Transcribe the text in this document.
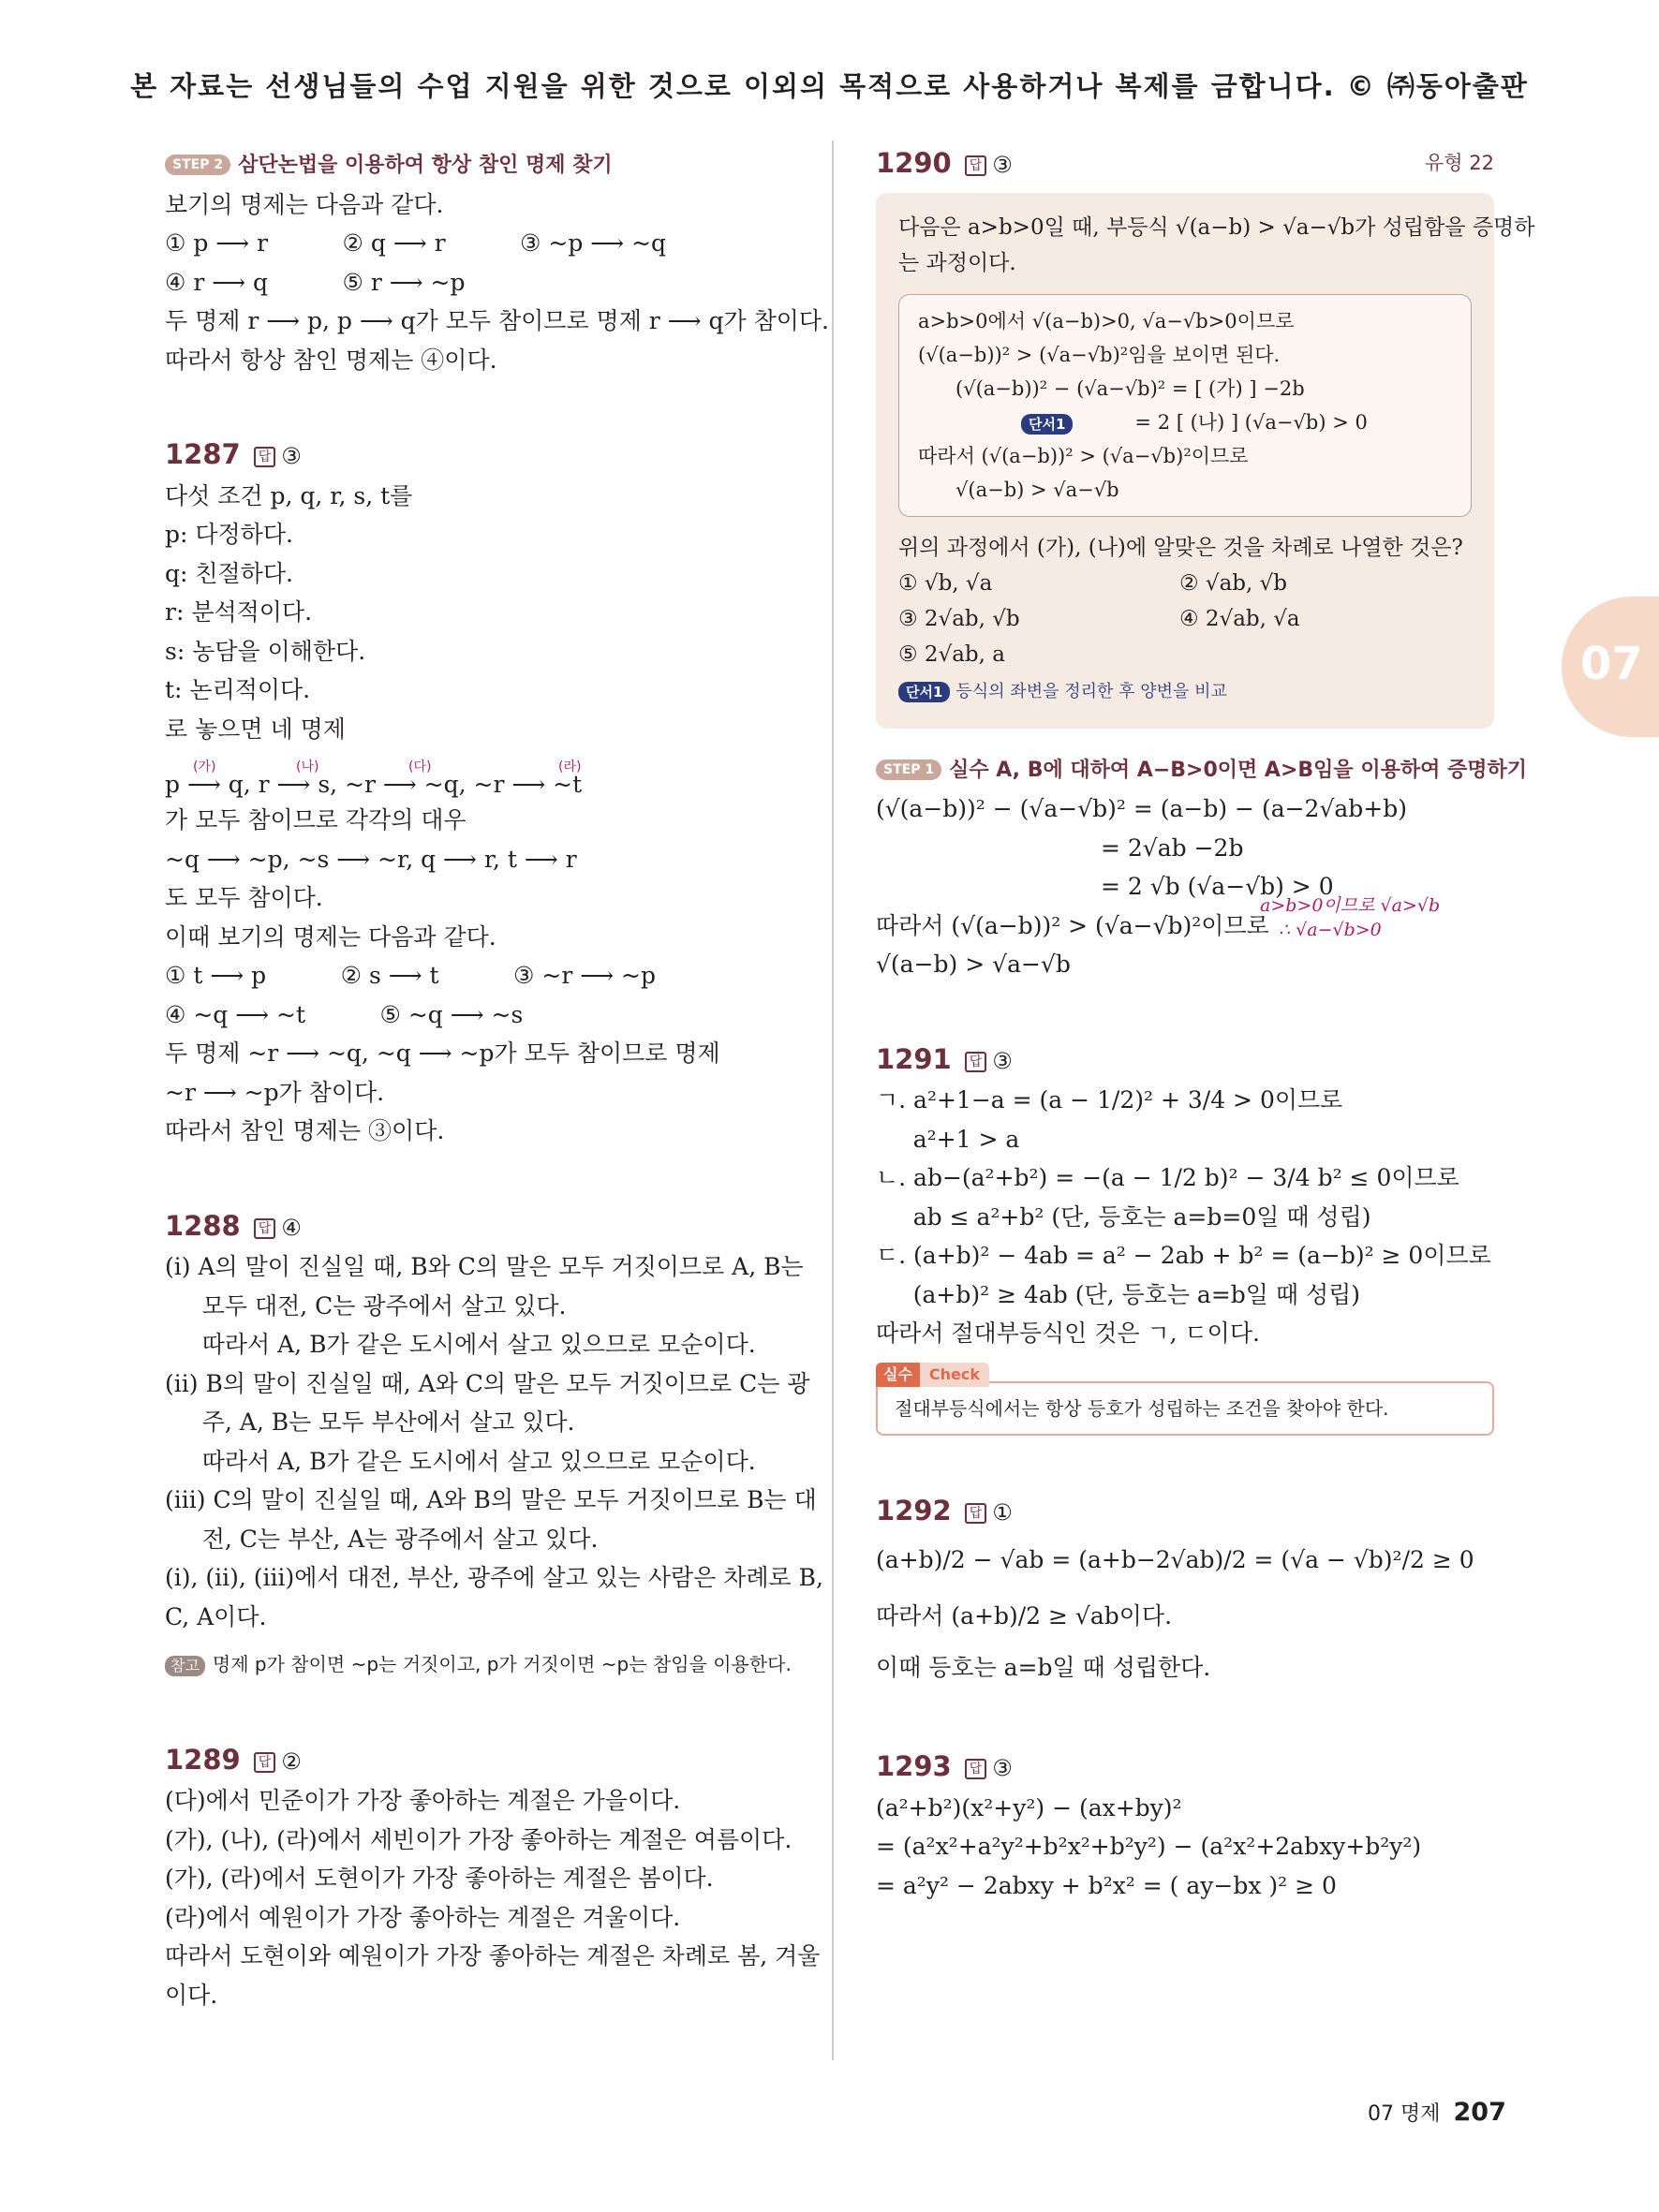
본 자료는 선생님들의 수업 지원을 위한 것으로 이외의 목적으로 사용하거나 복제를 금합니다. © ㈜동아출판

STEP 2 삼단논법을 이용하여 항상 참인 명제 찾기

보기의 명제는 다음과 같다.

① p ⟶ r          ② q ⟶ r          ③ ~p ⟶ ~q

④ r ⟶ q          ⑤ r ⟶ ~p

두 명제 r ⟶ p, p ⟶ q가 모두 참이므로 명제 r ⟶ q가 참이다.

따라서 항상 참인 명제는 ④이다.

1287 답 ③

다섯 조건 p, q, r, s, t를

p: 다정하다.

q: 친절하다.

r: 분석적이다.

s: 농담을 이해한다.

t: 논리적이다.

로 놓으면 네 명제

(가)	(나)	(다)	(라)

p ⟶ q, r ⟶ s, ~r ⟶ ~q, ~r ⟶ ~t

가 모두 참이므로 각각의 대우

~q ⟶ ~p, ~s ⟶ ~r, q ⟶ r, t ⟶ r

도 모두 참이다.

이때 보기의 명제는 다음과 같다.

① t ⟶ p          ② s ⟶ t          ③ ~r ⟶ ~p

④ ~q ⟶ ~t          ⑤ ~q ⟶ ~s

두 명제 ~r ⟶ ~q, ~q ⟶ ~p가 모두 참이므로 명제

~r ⟶ ~p가 참이다.

따라서 참인 명제는 ③이다.

1288 답 ④

(ⅰ) A의 말이 진실일 때, B와 C의 말은 모두 거짓이므로 A, B는

모두 대전, C는 광주에서 살고 있다.

따라서 A, B가 같은 도시에서 살고 있으므로 모순이다.

(ⅱ) B의 말이 진실일 때, A와 C의 말은 모두 거짓이므로 C는 광

주, A, B는 모두 부산에서 살고 있다.

따라서 A, B가 같은 도시에서 살고 있으므로 모순이다.

(ⅲ) C의 말이 진실일 때, A와 B의 말은 모두 거짓이므로 B는 대

전, C는 부산, A는 광주에서 살고 있다.

(ⅰ), (ⅱ), (ⅲ)에서 대전, 부산, 광주에 살고 있는 사람은 차례로 B,

C, A이다.

참고 명제 p가 참이면 ~p는 거짓이고, p가 거짓이면 ~p는 참임을 이용한다.

1289 답 ②

(다)에서 민준이가 가장 좋아하는 계절은 가을이다.

(가), (나), (라)에서 세빈이가 가장 좋아하는 계절은 여름이다.

(가), (라)에서 도현이가 가장 좋아하는 계절은 봄이다.

(라)에서 예원이가 가장 좋아하는 계절은 겨울이다.

따라서 도현이와 예원이가 가장 좋아하는 계절은 차례로 봄, 겨울

이다.

1290 답 ③	유형 22

다음은 a>b>0일 때, 부등식 √(a−b) > √a−√b가 성립함을 증명하

는 과정이다.

a>b>0에서 √(a−b)>0, √a−√b>0이므로

(√(a−b))² > (√a−√b)²임을 보이면 된다.

(√(a−b))² − (√a−√b)² = [ (가) ] −2b

단서1	= 2 [ (나) ] (√a−√b) > 0

따라서 (√(a−b))² > (√a−√b)²이므로

√(a−b) > √a−√b

위의 과정에서 (가), (나)에 알맞은 것을 차례로 나열한 것은?

① √b, √a	② √ab, √b
③ 2√ab, √b	④ 2√ab, √a
⑤ 2√ab, a

단서1 등식의 좌변을 정리한 후 양변을 비교

STEP 1 실수 A, B에 대하여 A−B>0이면 A>B임을 이용하여 증명하기

(√(a−b))² − (√a−√b)² = (a−b) − (a−2√ab+b)

= 2√ab −2b

= 2 √b (√a−√b) > 0

따라서 (√(a−b))² > (√a−√b)²이므로
a>b>0이므로 √a>√b
∴ √a−√b>0

√(a−b) > √a−√b

1291 답 ③

ㄱ. a²+1−a = (a − 1/2)² + 3/4 > 0이므로

a²+1 > a

ㄴ. ab−(a²+b²) = −(a − 1/2 b)² − 3/4 b² ≤ 0이므로

ab ≤ a²+b² (단, 등호는 a=b=0일 때 성립)

ㄷ. (a+b)² − 4ab = a² − 2ab + b² = (a−b)² ≥ 0이므로

(a+b)² ≥ 4ab (단, 등호는 a=b일 때 성립)

따라서 절대부등식인 것은 ㄱ, ㄷ이다.

실수 Check
절대부등식에서는 항상 등호가 성립하는 조건을 찾아야 한다.

1292 답 ①

(a+b)/2 − √ab = (a+b−2√ab)/2 = (√a − √b)²/2 ≥ 0

따라서 (a+b)/2 ≥ √ab이다.

이때 등호는 a=b일 때 성립한다.

1293 답 ③

(a²+b²)(x²+y²) − (ax+by)²

= (a²x²+a²y²+b²x²+b²y²) − (a²x²+2abxy+b²y²)

= a²y² − 2abxy + b²x² = ( ay−bx )² ≥ 0

07
07 명제 207
